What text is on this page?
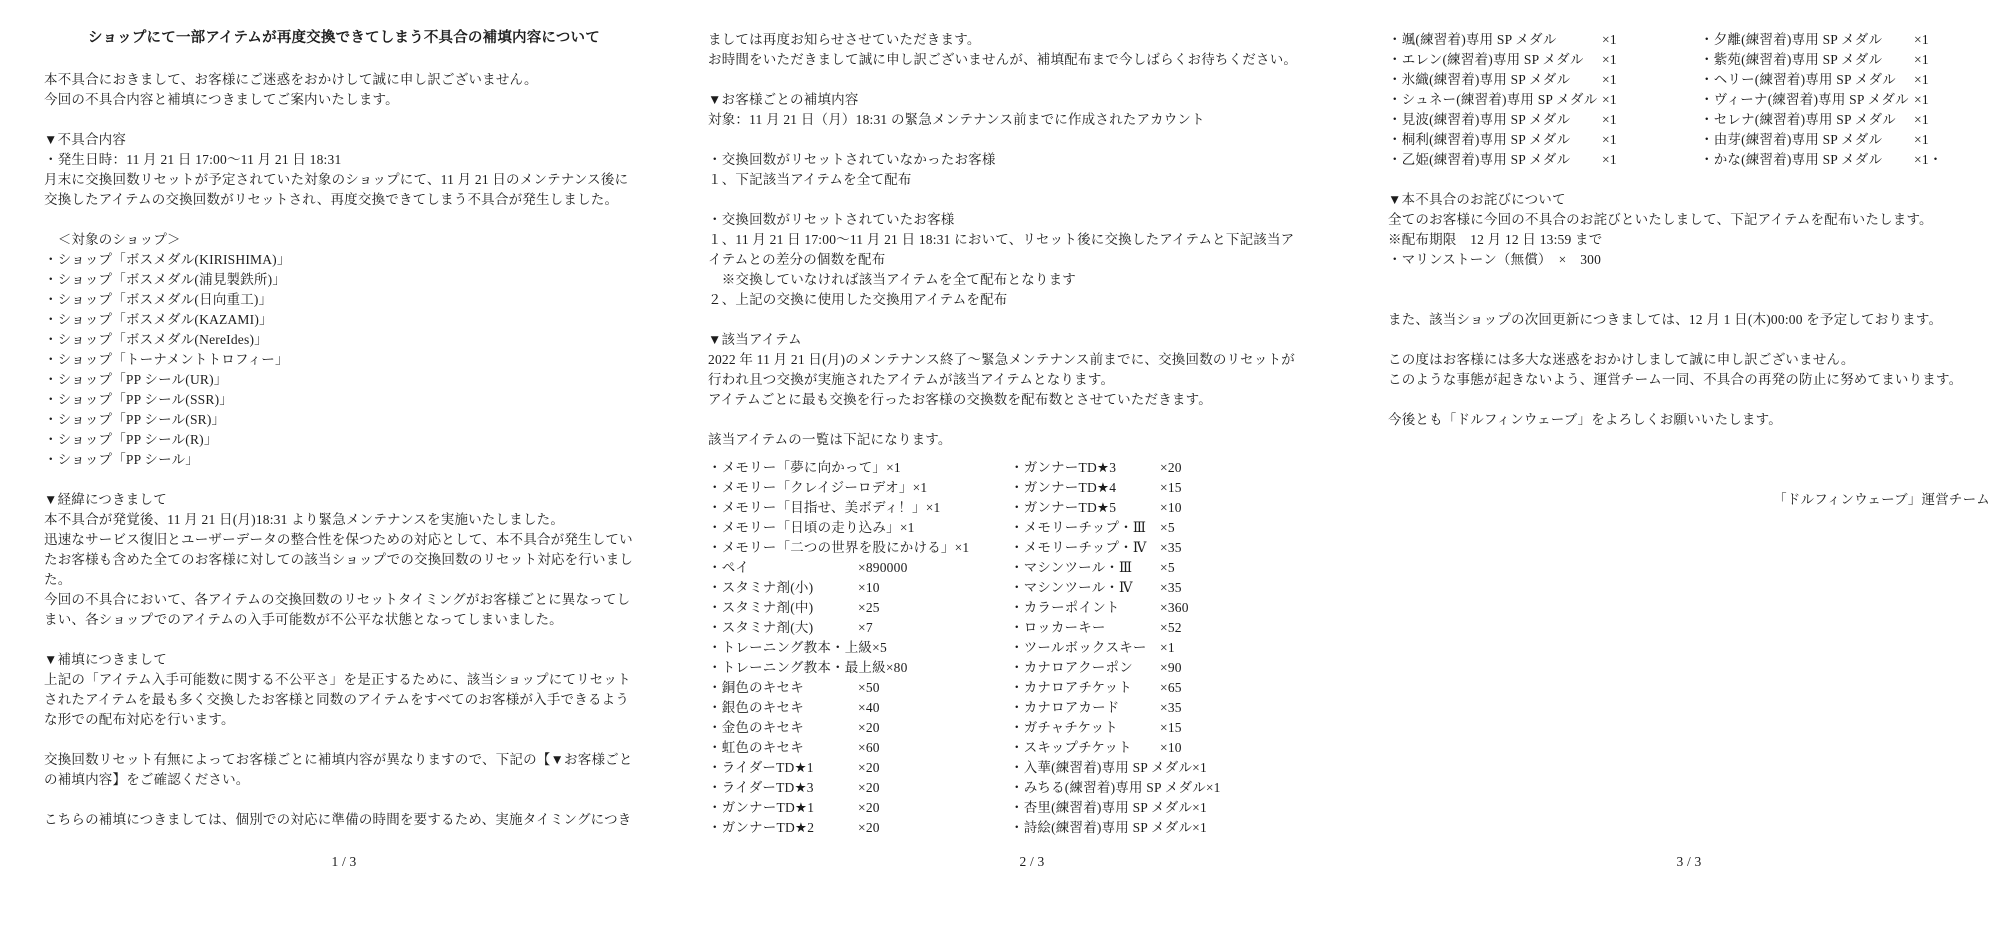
ショップにて一部アイテムが再度交換できてしまう不具合の補填内容について
本不具合におきまして、お客様にご迷惑をおかけして誠に申し訳ございません。
今回の不具合内容と補填につきましてご案内いたします。
▼不具合内容
・発生日時：11 月 21 日 17:00～11 月 21 日 18:31
月末に交換回数リセットが予定されていた対象のショップにて、11 月 21 日のメンテナンス後に
交換したアイテムの交換回数がリセットされ、再度交換できてしまう不具合が発生しました。
　＜対象のショップ＞
・ショップ「ボスメダル(KIRISHIMA)」
・ショップ「ボスメダル(浦見製鉄所)」
・ショップ「ボスメダル(日向重工)」
・ショップ「ボスメダル(KAZAMI)」
・ショップ「ボスメダル(NereIdes)」
・ショップ「トーナメントトロフィー」
・ショップ「PP シール(UR)」
・ショップ「PP シール(SSR)」
・ショップ「PP シール(SR)」
・ショップ「PP シール(R)」
・ショップ「PP シール」
▼経緯につきまして
本不具合が発覚後、11 月 21 日(月)18:31 より緊急メンテナンスを実施いたしました。
迅速なサービス復旧とユーザーデータの整合性を保つための対応として、本不具合が発生してい
たお客様も含めた全てのお客様に対しての該当ショップでの交換回数のリセット対応を行いまし
た。
今回の不具合において、各アイテムの交換回数のリセットタイミングがお客様ごとに異なってし
まい、各ショップでのアイテムの入手可能数が不公平な状態となってしまいました。
▼補填につきまして
上記の「アイテム入手可能数に関する不公平さ」を是正するために、該当ショップにてリセット
されたアイテムを最も多く交換したお客様と同数のアイテムをすべてのお客様が入手できるよう
な形での配布対応を行います。
交換回数リセット有無によってお客様ごとに補填内容が異なりますので、下記の【▼お客様ごと
の補填内容】をご確認ください。
こちらの補填につきましては、個別での対応に準備の時間を要するため、実施タイミングにつき
1 / 3
ましては再度お知らせさせていただきます。
お時間をいただきまして誠に申し訳ございませんが、補填配布まで今しばらくお待ちください。
▼お客様ごとの補填内容
対象：11 月 21 日（月）18:31 の緊急メンテナンス前までに作成されたアカウント
・交換回数がリセットされていなかったお客様
１、下記該当アイテムを全て配布
・交換回数がリセットされていたお客様
１、11 月 21 日 17:00～11 月 21 日 18:31 において、リセット後に交換したアイテムと下記該当ア
イテムとの差分の個数を配布
　※交換していなければ該当アイテムを全て配布となります
２、上記の交換に使用した交換用アイテムを配布
▼該当アイテム
2022 年 11 月 21 日(月)のメンテナンス終了～緊急メンテナンス前までに、交換回数のリセットが
行われ且つ交換が実施されたアイテムが該当アイテムとなります。
アイテムごとに最も交換を行ったお客様の交換数を配布数とさせていただきます。
該当アイテムの一覧は下記になります。
・メモリー「夢に向かって」 ×1
・メモリー「クレイジーロデオ」 ×1
・メモリー「目指せ、美ボディ！」 ×1
・メモリー「日頃の走り込み」 ×1
・メモリー「二つの世界を股にかける」 ×1
・ペイ	×890000
・スタミナ剤(小)	×10
・スタミナ剤(中)	×25
・スタミナ剤(大)	×7
・トレーニング教本・上級 ×5
・トレーニング教本・最上級 ×80
・銅色のキセキ	×50
・銀色のキセキ	×40
・金色のキセキ	×20
・虹色のキセキ	×60
・ライダーTD★1	×20
・ライダーTD★3	×20
・ガンナーTD★1	×20
・ガンナーTD★2	×20
・ガンナーTD★3	×20
・ガンナーTD★4	×15
・ガンナーTD★5	×10
・メモリーチップ・Ⅲ	×5
・メモリーチップ・Ⅳ ×35
・マシンツール・Ⅲ	×5
・マシンツール・Ⅳ	×35
・カラーポイント	×360
・ロッカーキー	×52
・ツールボックスキー ×1
・カナロアクーポン	×90
・カナロアチケット	×65
・カナロアカード	×35
・ガチャチケット	×15
・スキップチケット	×10
・入華(練習着)専用 SP メダル ×1
・みちる(練習着)専用 SP メダル ×1
・杏里(練習着)専用 SP メダル ×1
・詩絵(練習着)専用 SP メダル ×1
2 / 3
・颯(練習着)専用 SP メダル	×1
・エレン(練習着)専用 SP メダル	×1
・氷織(練習着)専用 SP メダル	×1
・シュネー(練習着)専用 SP メダル ×1
・見波(練習着)専用 SP メダル	×1
・桐利(練習着)専用 SP メダル	×1
・乙姫(練習着)専用 SP メダル	×1
・夕離(練習着)専用 SP メダル	×1
・紫苑(練習着)専用 SP メダル	×1
・ヘリー(練習着)専用 SP メダル	×1
・ヴィーナ(練習着)専用 SP メダル ×1
・セレナ(練習着)専用 SP メダル	×1
・由芽(練習着)専用 SP メダル	×1
・かな(練習着)専用 SP メダル	×1・
▼本不具合のお詫びについて
全てのお客様に今回の不具合のお詫びといたしまして、下記アイテムを配布いたします。
※配布期限　12 月 12 日 13:59 まで
・マリンストーン（無償）　×　300
また、該当ショップの次回更新につきましては、12 月 1 日(木)00:00 を予定しております。
この度はお客様には多大な迷惑をおかけしまして誠に申し訳ございません。
このような事態が起きないよう、運営チーム一同、不具合の再発の防止に努めてまいります。
今後とも「ドルフィンウェーブ」をよろしくお願いいたします。
「ドルフィンウェーブ」運営チーム
3 / 3
